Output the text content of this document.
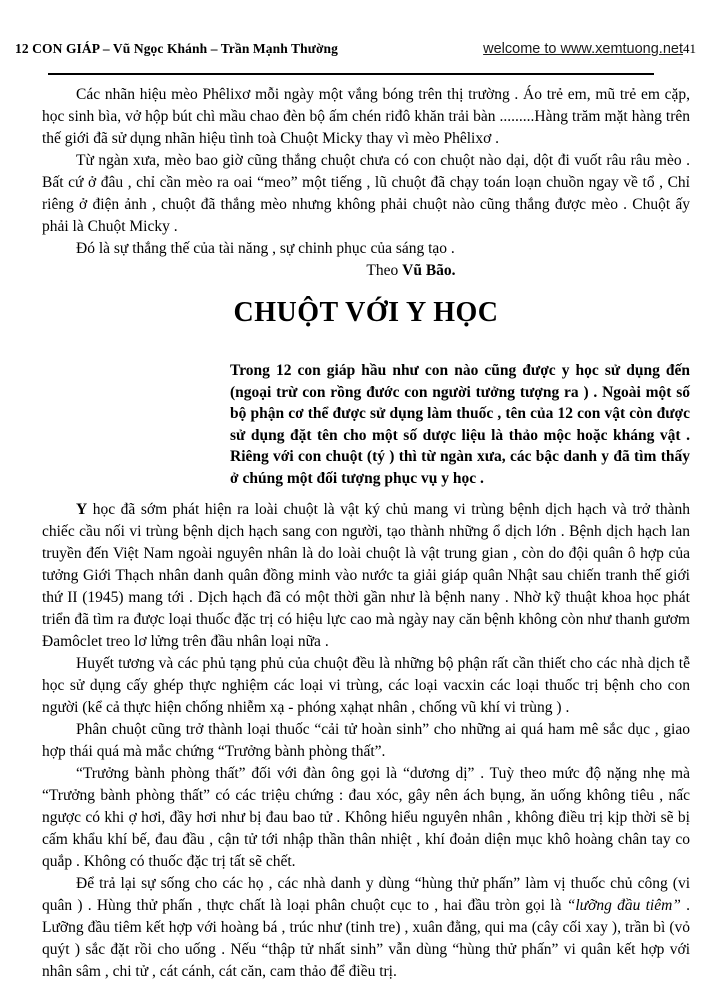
12 CON GIÁP – Vũ Ngọc Khánh – Trần Mạnh Thường	welcome to www.xemtuong.net41

Các nhãn hiệu mèo Phêlixơ mỗi ngày một vắng bóng trên thị trường . Áo trẻ em, mũ trẻ em cặp, học sinh bìa, vở hộp bút chì mầu chao đèn bộ ấm chén riđô khăn trải bàn .........Hàng trăm mặt hàng trên thế giới đã sử dụng nhãn hiệu tình toà Chuột Micky thay vì mèo Phêlixơ .

Từ ngàn xưa, mèo bao giờ cũng thắng chuột chưa có con chuột nào dại, dột đi vuốt râu râu mèo . Bất cứ ở đâu , chỉ cần mèo ra oai “meo” một tiếng , lũ chuột đã chạy toán loạn chuồn ngay về tổ , Chỉ riêng ở điện ảnh , chuột đã thắng mèo nhưng không phải chuột nào cũng thắng được mèo . Chuột ấy phải là Chuột Micky .

Đó là sự thắng thế của tài năng , sự chinh phục của sáng tạo .

Theo Vũ Bão.

CHUỘT VỚI Y HỌC

Trong 12 con giáp hầu như con nào cũng được y học sử dụng đến (ngoại trừ con rồng đước con người tưởng tượng ra ) . Ngoài một số bộ phận cơ thể được sử dụng làm thuốc , tên của 12 con vật còn được sử dụng đặt tên cho một số dược liệu là thảo mộc hoặc kháng vật . Riêng với con chuột (tý ) thì từ ngàn xưa, các bậc danh y đã tìm thấy ở chúng một đối tượng phục vụ y học .

Y học đã sớm phát hiện ra loài chuột là vật ký chủ mang vi trùng bệnh dịch hạch và trở thành chiếc cầu nối vi trùng bệnh dịch hạch sang con người, tạo thành những ổ dịch lớn . Bệnh dịch hạch lan truyền đến Việt Nam ngoài nguyên nhân là do loài chuột là vật trung gian , còn do đội quân ô hợp của tưởng Giới Thạch nhân danh quân đồng minh vào nước ta giải giáp quân Nhật sau chiến tranh thế giới thứ II (1945) mang tới . Dịch hạch đã có một thời gần như là bệnh nany . Nhờ kỹ thuật khoa học phát triển đã tìm ra được loại thuốc đặc trị có hiệu lực cao mà ngày nay căn bệnh không còn như thanh gươm Đamôclet treo lơ lửng trên đầu nhân loại nữa .

Huyết tương và các phủ tạng phủ của chuột đều là những bộ phận rất cần thiết cho các nhà dịch tễ học sử dụng cấy ghép thực nghiệm các loại vi trùng, các loại vacxin các loại thuốc trị bệnh cho con người (kể cả thực hiện chống nhiễm xạ - phóng xạhạt nhân , chống vũ khí vi trùng ) .

Phân chuột cũng trở thành loại thuốc “cải tử hoàn sinh” cho những ai quá ham mê sắc dục , giao hợp thái quá mà mắc chứng “Trưởng bành phòng thất”.

“Trưởng bành phòng thất” đối với đàn ông gọi là “dương dị” . Tuỳ theo mức độ nặng nhẹ mà “Trưởng bành phòng thất” có các triệu chứng : đau xóc, gây nên ách bụng, ăn uống không tiêu , nấc ngược có khi ợ hơi, đầy hơi như bị đau bao tử . Không hiểu nguyên nhân , không điều trị kịp thời sẽ bị cấm khẩu khí bế, đau đầu , cận tử tới nhập thần thân nhiệt , khí đoản diện mục khô hoàng chân tay co quắp . Không có thuốc đặc trị tất sẽ chết.

Để trả lại sự sống cho các họ , các nhà danh y dùng “hùng thử phấn” làm vị thuốc chủ công (vi quân ) . Hùng thử phấn , thực chất là loại phân chuột cục to , hai đầu tròn gọi là “lưỡng đầu tiêm” . Lưỡng đầu tiêm kết hợp với hoàng bá , trúc như (tinh tre) , xuân đằng, qui ma (cây cối xay ), trần bì (vỏ quýt ) sắc đặt rồi cho uống . Nếu “thập tử nhất sinh” vẫn dùng “hùng thử phấn” vi quân kết hợp với nhân sâm , chi tử , cát cánh, cát căn, cam thảo để điều trị.
